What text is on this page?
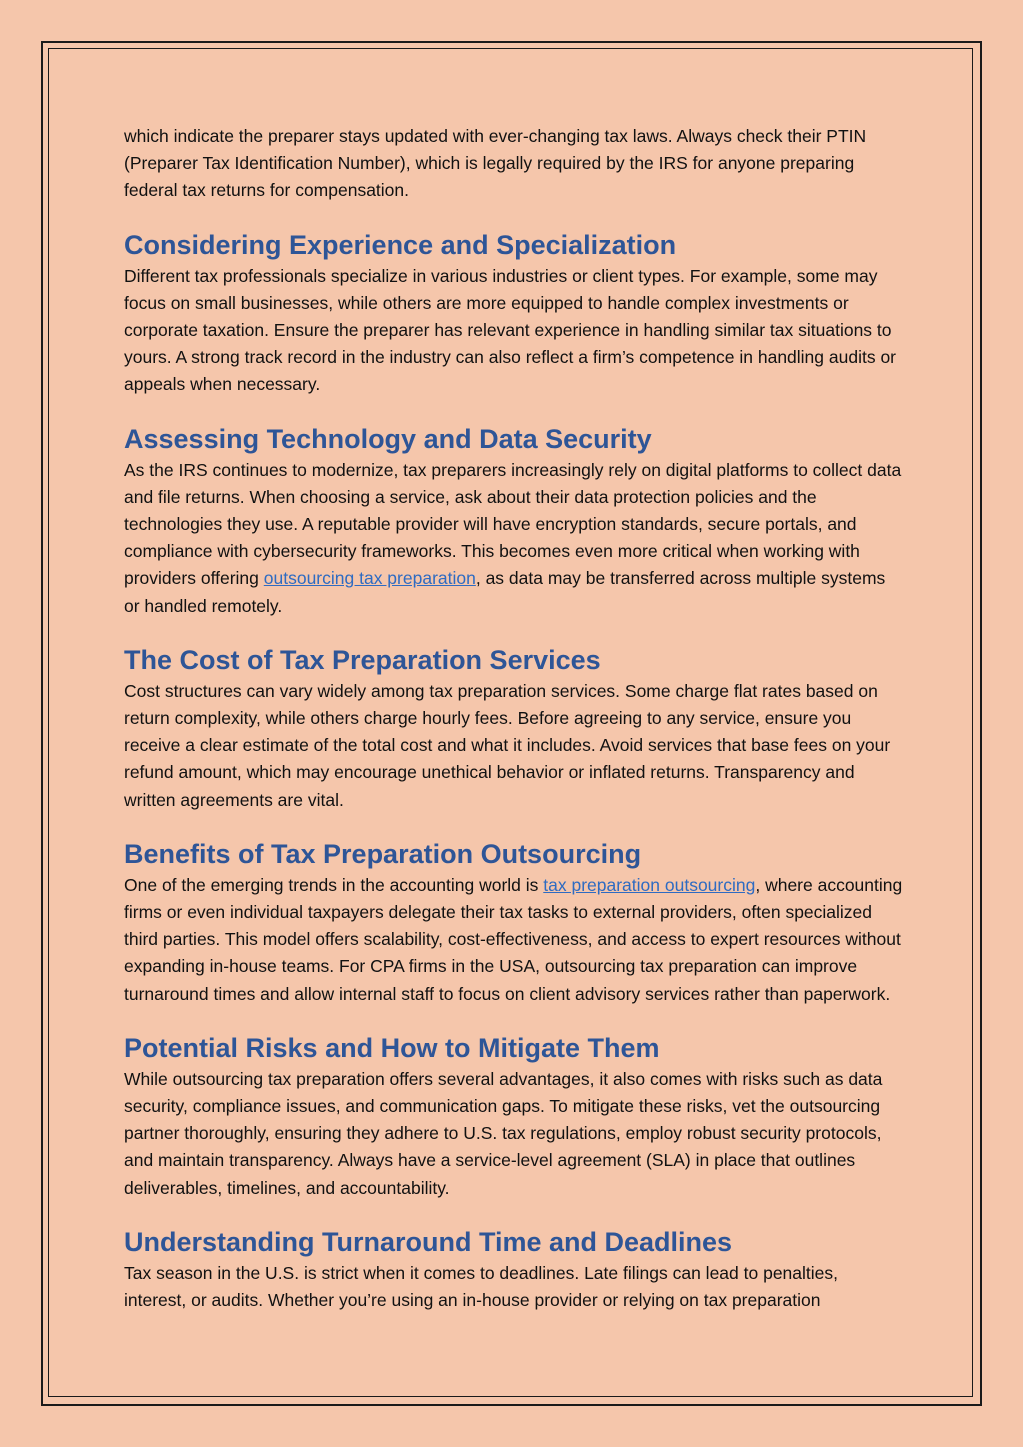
which indicate the preparer stays updated with ever-changing tax laws. Always check their PTIN (Preparer Tax Identification Number), which is legally required by the IRS for anyone preparing federal tax returns for compensation.

Considering Experience and Specialization

Different tax professionals specialize in various industries or client types. For example, some may focus on small businesses, while others are more equipped to handle complex investments or corporate taxation. Ensure the preparer has relevant experience in handling similar tax situations to yours. A strong track record in the industry can also reflect a firm’s competence in handling audits or appeals when necessary.

Assessing Technology and Data Security

As the IRS continues to modernize, tax preparers increasingly rely on digital platforms to collect data and file returns. When choosing a service, ask about their data protection policies and the technologies they use. A reputable provider will have encryption standards, secure portals, and compliance with cybersecurity frameworks. This becomes even more critical when working with providers offering outsourcing tax preparation, as data may be transferred across multiple systems or handled remotely.

The Cost of Tax Preparation Services

Cost structures can vary widely among tax preparation services. Some charge flat rates based on return complexity, while others charge hourly fees. Before agreeing to any service, ensure you receive a clear estimate of the total cost and what it includes. Avoid services that base fees on your refund amount, which may encourage unethical behavior or inflated returns. Transparency and written agreements are vital.

Benefits of Tax Preparation Outsourcing

One of the emerging trends in the accounting world is tax preparation outsourcing, where accounting firms or even individual taxpayers delegate their tax tasks to external providers, often specialized third parties. This model offers scalability, cost-effectiveness, and access to expert resources without expanding in-house teams. For CPA firms in the USA, outsourcing tax preparation can improve turnaround times and allow internal staff to focus on client advisory services rather than paperwork.

Potential Risks and How to Mitigate Them

While outsourcing tax preparation offers several advantages, it also comes with risks such as data security, compliance issues, and communication gaps. To mitigate these risks, vet the outsourcing partner thoroughly, ensuring they adhere to U.S. tax regulations, employ robust security protocols, and maintain transparency. Always have a service-level agreement (SLA) in place that outlines deliverables, timelines, and accountability.

Understanding Turnaround Time and Deadlines

Tax season in the U.S. is strict when it comes to deadlines. Late filings can lead to penalties, interest, or audits. Whether you’re using an in-house provider or relying on tax preparation
